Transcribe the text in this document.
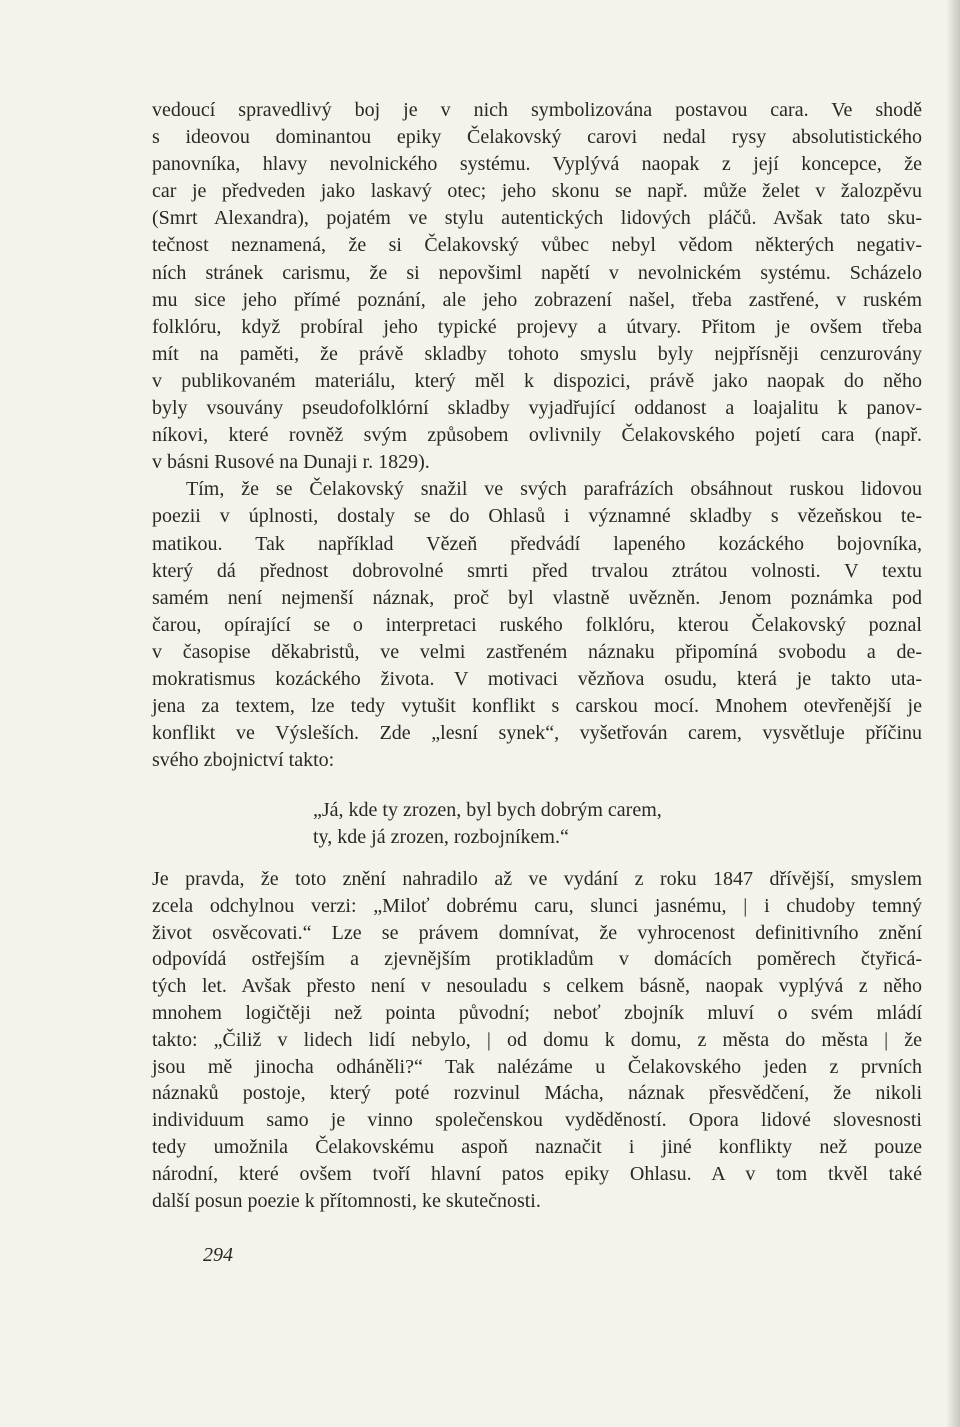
vedoucí spravedlivý boj je v nich symbolizována postavou cara. Ve shodě
s ideovou dominantou epiky Čelakovský carovi nedal rysy absolutistického
panovníka, hlavy nevolnického systému. Vyplývá naopak z její koncepce, že
car je předveden jako laskavý otec; jeho skonu se např. může želet v žalozpěvu
(Smrt Alexandra), pojatém ve stylu autentických lidových pláčů. Avšak tato sku-
tečnost neznamená, že si Čelakovský vůbec nebyl vědom některých negativ-
ních stránek carismu, že si nepovšiml napětí v nevolnickém systému. Scházelo
mu sice jeho přímé poznání, ale jeho zobrazení našel, třeba zastřené, v ruském
folklóru, když probíral jeho typické projevy a útvary. Přitom je ovšem třeba
mít na paměti, že právě skladby tohoto smyslu byly nejpřísněji cenzurovány
v publikovaném materiálu, který měl k dispozici, právě jako naopak do něho
byly vsouvány pseudofolklórní skladby vyjadřující oddanost a loajalitu k panov-
níkovi, které rovněž svým způsobem ovlivnily Čelakovského pojetí cara (např.
v básni Rusové na Dunaji r. 1829).
Tím, že se Čelakovský snažil ve svých parafrázích obsáhnout ruskou lidovou
poezii v úplnosti, dostaly se do Ohlasů i významné skladby s vězeňskou te-
matikou. Tak například Vězeň předvádí lapeného kozáckého bojovníka,
který dá přednost dobrovolné smrti před trvalou ztrátou volnosti. V textu
samém není nejmenší náznak, proč byl vlastně uvězněn. Jenom poznámka pod
čarou, opírající se o interpretaci ruského folklóru, kterou Čelakovský poznal
v časopise děkabristů, ve velmi zastřeném náznaku připomíná svobodu a de-
mokratismus kozáckého života. V motivaci vězňova osudu, která je takto uta-
jena za textem, lze tedy vytušit konflikt s carskou mocí. Mnohem otevřenější je
konflikt ve Výsleších. Zde „lesní synek“, vyšetřován carem, vysvětluje příčinu
svého zbojnictví takto:
„Já, kde ty zrozen, byl bych dobrým carem,
ty, kde já zrozen, rozbojníkem.“
Je pravda, že toto znění nahradilo až ve vydání z roku 1847 dřívější, smyslem
zcela odchylnou verzi: „Miloť dobrému caru, slunci jasnému, | i chudoby temný
život osvěcovati.“ Lze se právem domnívat, že vyhrocenost definitivního znění
odpovídá ostřejším a zjevnějším protikladům v domácích poměrech čtyřicá-
tých let. Avšak přesto není v nesouladu s celkem básně, naopak vyplývá z něho
mnohem logičtěji než pointa původní; neboť zbojník mluví o svém mládí
takto: „Čiliž v lidech lidí nebylo, | od domu k domu, z města do města | že
jsou mě jinocha odháněli?“ Tak nalézáme u Čelakovského jeden z prvních
náznaků postoje, který poté rozvinul Mácha, náznak přesvědčení, že nikoli
individuum samo je vinno společenskou vyděděností. Opora lidové slovesnosti
tedy umožnila Čelakovskému aspoň naznačit i jiné konflikty než pouze
národní, které ovšem tvoří hlavní patos epiky Ohlasu. A v tom tkvěl také
další posun poezie k přítomnosti, ke skutečnosti.
294
